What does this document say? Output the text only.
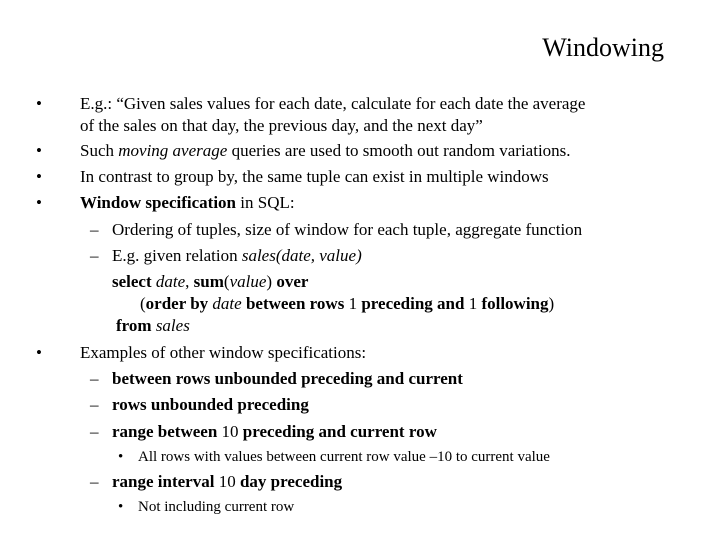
Windowing
• E.g.: “Given sales values for each date, calculate for each date the average
of the sales on that day, the previous day, and the next day”
• Such moving average queries are used to smooth out random variations.
• In contrast to group by, the same tuple can exist in multiple windows
• Window specification in SQL:
– Ordering of tuples, size of window for each tuple, aggregate function
– E.g. given relation sales(date, value)
select date, sum(value) over
(order by date between rows 1 preceding and 1 following)
from sales
• Examples of other window specifications:
– between rows unbounded preceding and current
– rows unbounded preceding
– range between 10 preceding and current row
• All rows with values between current row value –10 to current value
– range interval 10 day preceding
• Not including current row
